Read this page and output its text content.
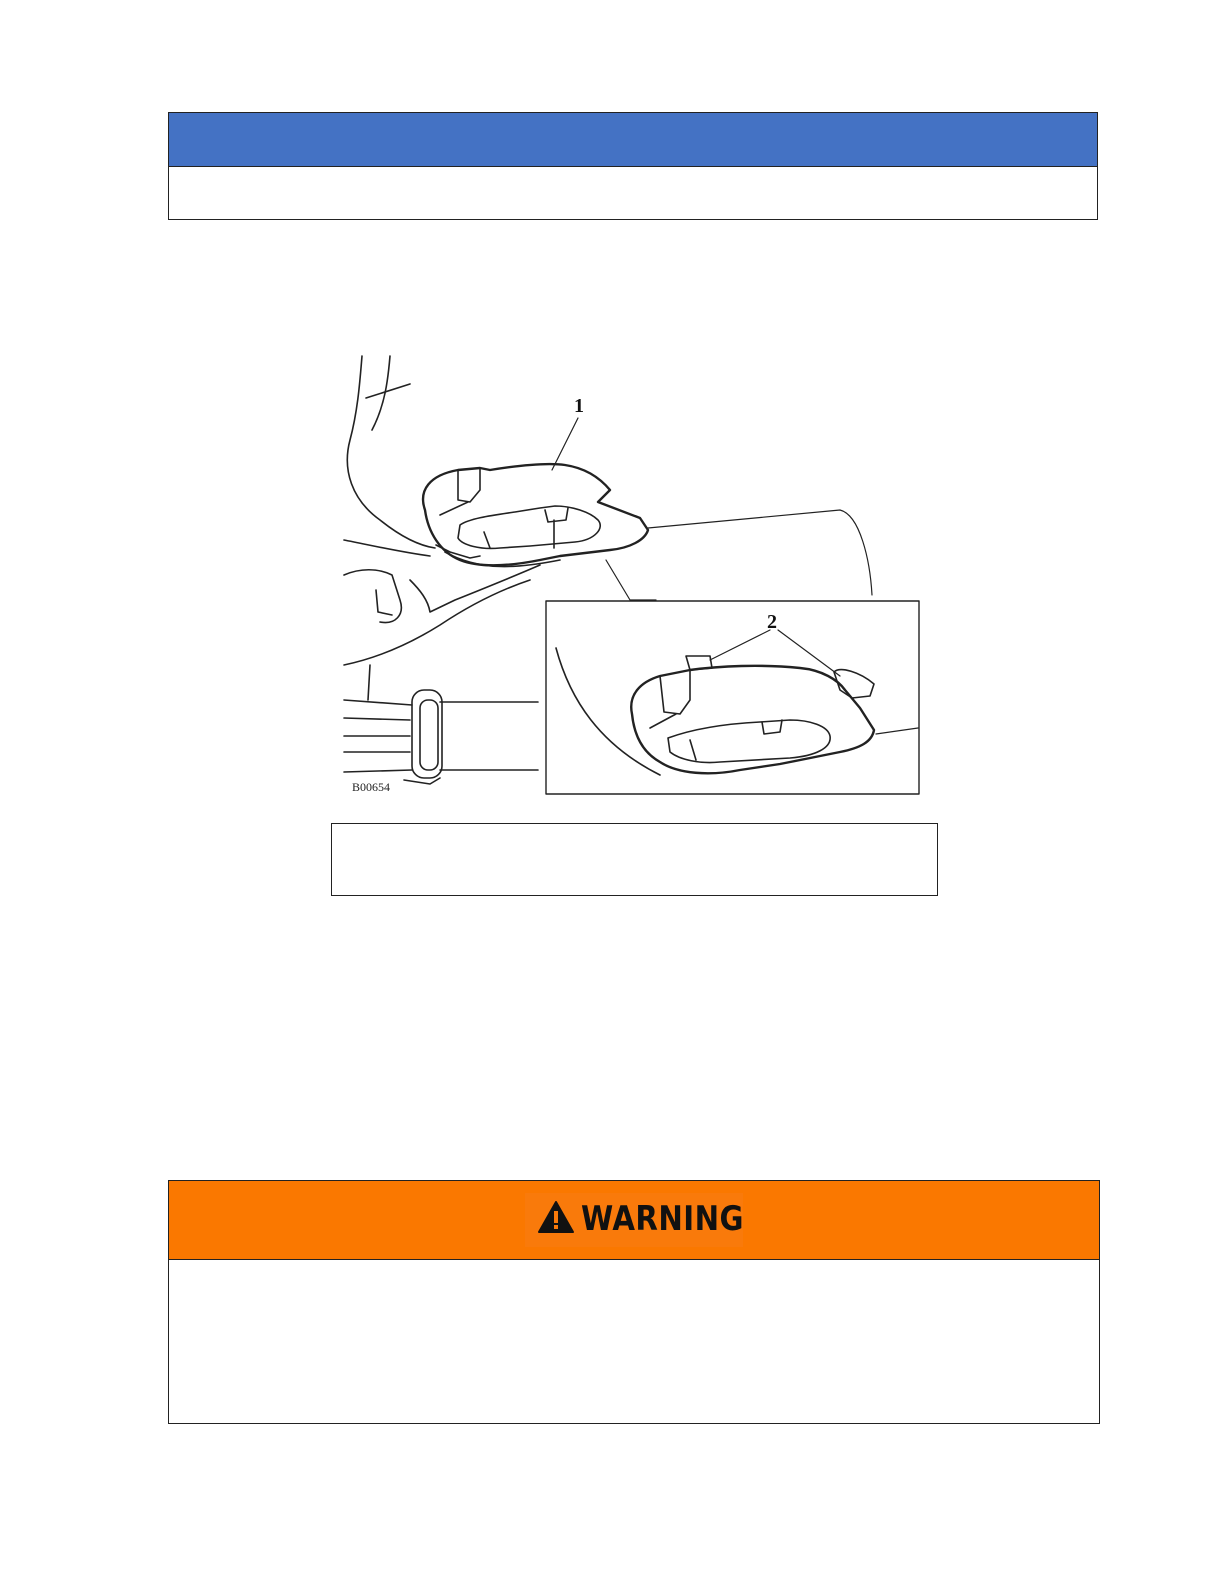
1
2
B00654
WARNING
